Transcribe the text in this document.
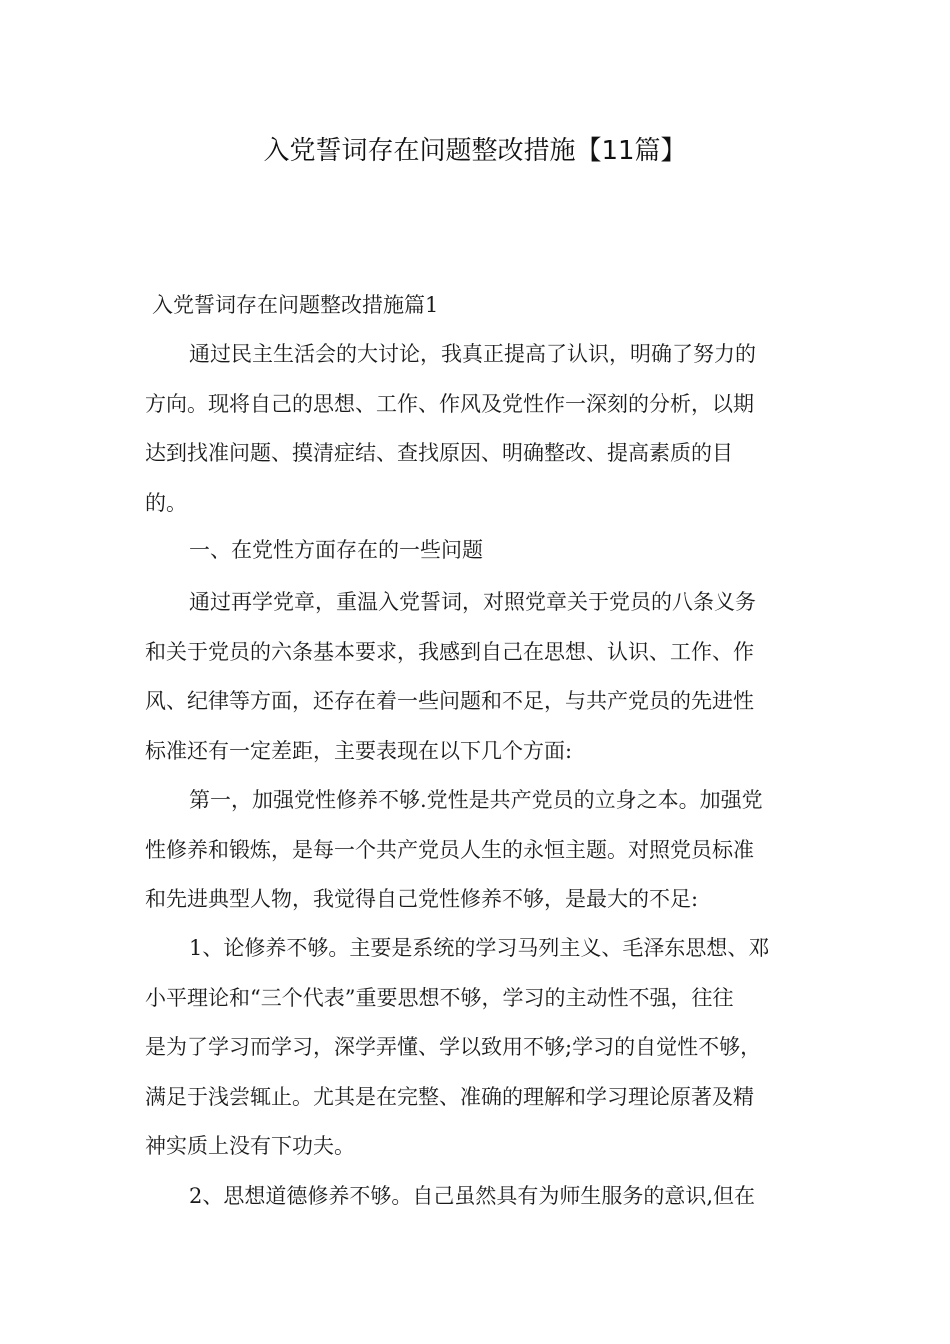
入党誓词存在问题整改措施【11篇】
入党誓词存在问题整改措施篇1
通过民主生活会的大讨论，我真正提高了认识，明确了努力的
方向。现将自己的思想、工作、作风及党性作一深刻的分析，以期
达到找准问题、摸清症结、查找原因、明确整改、提高素质的目
的。
一、在党性方面存在的一些问题
通过再学党章，重温入党誓词，对照党章关于党员的八条义务
和关于党员的六条基本要求，我感到自己在思想、认识、工作、作
风、纪律等方面，还存在着一些问题和不足，与共产党员的先进性
标准还有一定差距，主要表现在以下几个方面:
第一，加强党性修养不够.党性是共产党员的立身之本。加强党
性修养和锻炼，是每一个共产党员人生的永恒主题。对照党员标准
和先进典型人物，我觉得自己党性修养不够，是最大的不足:
1、论修养不够。主要是系统的学习马列主义、毛泽东思想、邓
小平理论和“三个代表”重要思想不够，学习的主动性不强，往往
是为了学习而学习，深学弄懂、学以致用不够;学习的自觉性不够，
满足于浅尝辄止。尤其是在完整、准确的理解和学习理论原著及精
神实质上没有下功夫。
2、思想道德修养不够。自己虽然具有为师生服务的意识,但在
